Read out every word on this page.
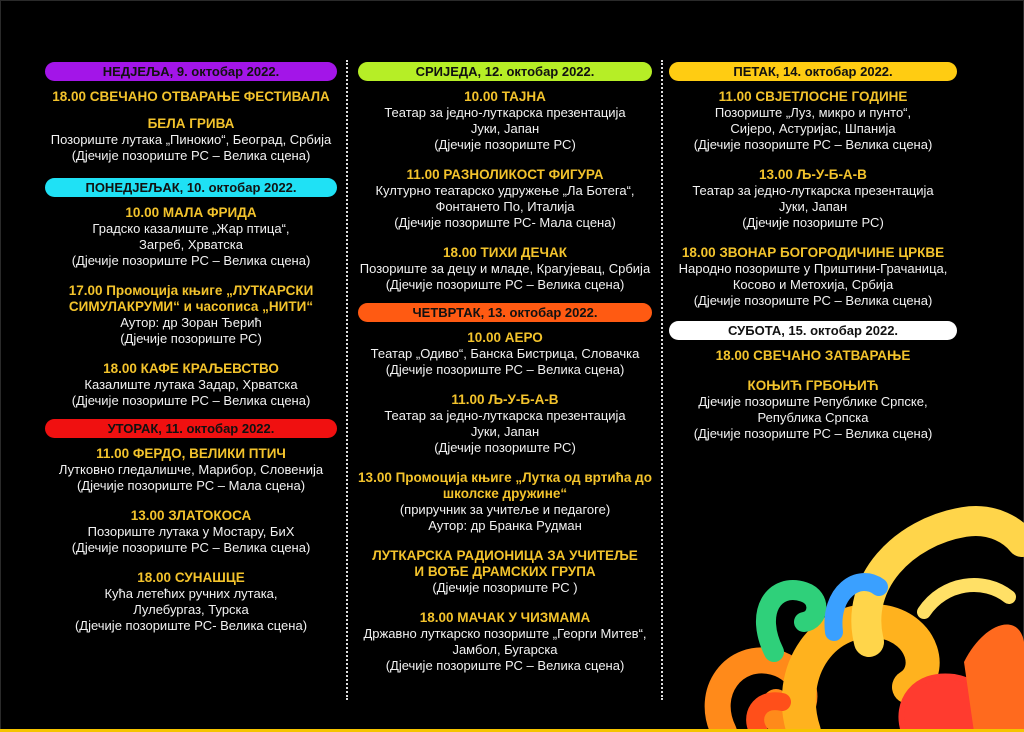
НЕДЈЕЉА, 9. октобар 2022.
18.00 СВЕЧАНО ОТВАРАЊЕ ФЕСТИВАЛА
БЕЛА ГРИВА
Позориште лутака „Пинокио“, Београд, Србија
(Дјечије позориште РС – Велика сцена)
ПОНЕДЈЕЉАК, 10. октобар 2022.
10.00 МАЛА ФРИДА
Градско казалиште „Жар птица“,
Загреб, Хрватска
(Дјечије позориште РС – Велика сцена)
17.00 Промоција књиге „ЛУТКАРСКИ
СИМУЛАКРУМИ“ и часописа „НИТИ“
Аутор: др Зоран Ђерић
(Дјечије позориште РС)
18.00 КАФЕ КРАЉЕВСТВО
Казалиште лутака Задар, Хрватска
(Дјечије позориште РС – Велика сцена)
УТОРАК, 11. октобар 2022.
11.00 ФЕРДО, ВЕЛИКИ ПТИЧ
Лутковно гледалишче, Марибор, Словенија
(Дјечије позориште РС – Мала сцена)
13.00 ЗЛАТОКОСА
Позориште лутака у Мостару, БиХ
(Дјечије позориште РС – Велика сцена)
18.00 СУНАШЦЕ
Кућа летећих ручних лутака,
Лулебургаз, Турска
(Дјечије позориште РС- Велика сцена)
СРИЈЕДА, 12. октобар 2022.
10.00 ТАЈНА
Театар за једно-луткарска презентација
Јуки, Јапан
(Дјечије позориште РС)
11.00 РАЗНОЛИКОСТ ФИГУРА
Културно театарско удружење „Ла Ботега“,
Фонтането По, Италија
(Дјечије позориште РС- Мала сцена)
18.00 ТИХИ ДЕЧАК
Позориште за децу и младе, Крагујевац, Србија
(Дјечије позориште РС – Велика сцена)
ЧЕТВРТАК, 13. октобар 2022.
10.00 АЕРО
Театар „Одиво“, Банска Бистрица, Словачка
(Дјечије позориште РС – Велика сцена)
11.00 Љ-У-Б-А-В
Театар за једно-луткарска презентација
Јуки, Јапан
(Дјечије позориште РС)
13.00 Промоција књиге „Лутка од вртића до
школске дружине“
(приручник за учитеље и педагоге)
Аутор: др Бранка Рудман
ЛУТКАРСКА РАДИОНИЦА ЗА УЧИТЕЉЕ
И ВОЂЕ ДРАМСКИХ ГРУПА
(Дјечије позориште РС )
18.00 МАЧАК У ЧИЗМАМА
Државно луткарско позориште „Георги Митев“,
Јамбол, Бугарска
(Дјечије позориште РС – Велика сцена)
ПЕТАК, 14. октобар 2022.
11.00 СВЈЕТЛОСНЕ ГОДИНЕ
Позориште „Луз, микро и пунто“,
Сијеро, Астуријас, Шпанија
(Дјечије позориште РС – Велика сцена)
13.00 Љ-У-Б-А-В
Театар за једно-луткарска презентација
Јуки, Јапан
(Дјечије позориште РС)
18.00 ЗВОНАР БОГОРОДИЧИНЕ ЦРКВЕ
Народно позориште у Приштини-Грачаница,
Косово и Метохија, Србија
(Дјечије позориште РС – Велика сцена)
СУБОТА, 15. октобар 2022.
18.00 СВЕЧАНО ЗАТВАРАЊЕ
КОЊИЋ ГРБОЊИЋ
Дјечије позориште Републике Српске,
Република Српска
(Дјечије позориште РС – Велика сцена)
